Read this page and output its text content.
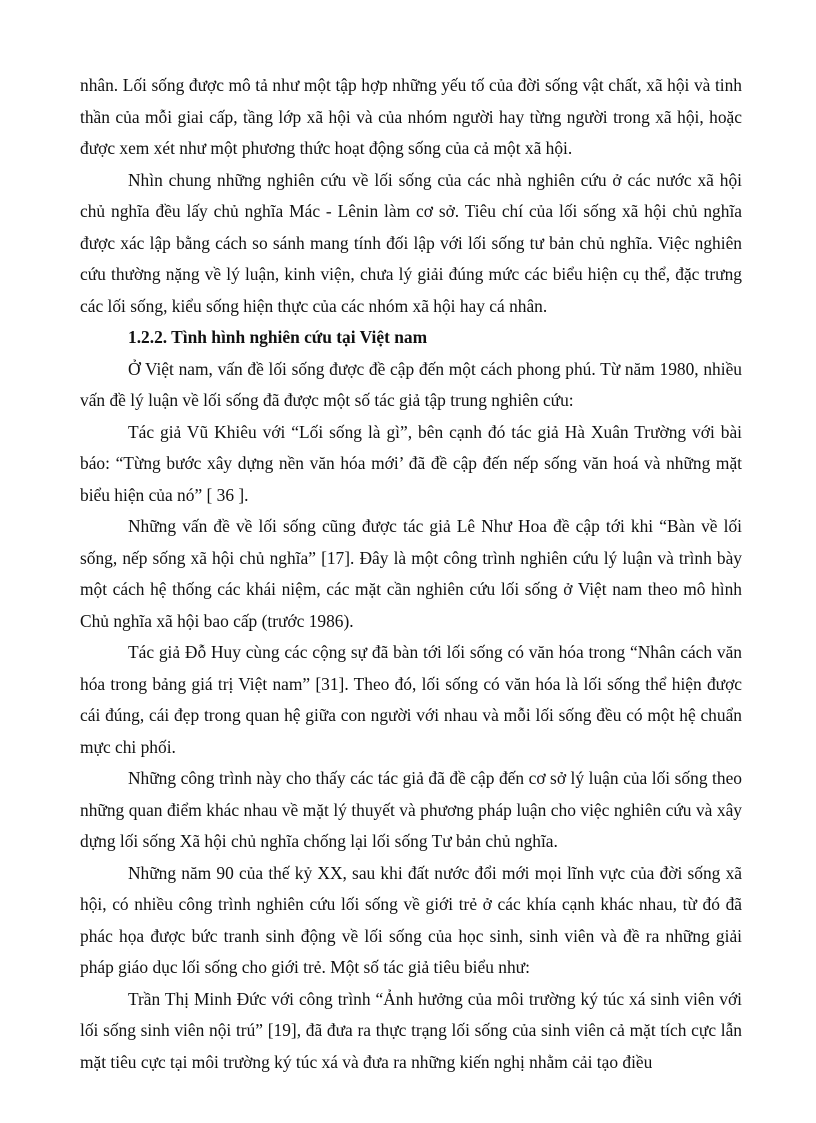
nhân. Lối sống được mô tả như một tập hợp những yếu tố của đời sống vật chất, xã hội và tinh thần của mỗi giai cấp, tầng lớp xã hội và của nhóm người hay từng người trong xã hội, hoặc được xem xét như một phương thức hoạt động sống của cả một xã hội.

Nhìn chung những nghiên cứu về lối sống của các nhà nghiên cứu ở các nước xã hội chủ nghĩa đều lấy chủ nghĩa Mác - Lênin làm cơ sở. Tiêu chí của lối sống xã hội chủ nghĩa được xác lập bằng cách so sánh mang tính đối lập với lối sống tư bản chủ nghĩa. Việc nghiên cứu thường nặng về lý luận, kinh viện, chưa lý giải đúng mức các biểu hiện cụ thể, đặc trưng các lối sống, kiểu sống hiện thực của các nhóm xã hội hay cá nhân.

1.2.2. Tình hình nghiên cứu tại Việt nam

Ở Việt nam, vấn đề lối sống được đề cập đến một cách phong phú. Từ năm 1980, nhiều vấn đề lý luận về lối sống đã được một số tác giả tập trung nghiên cứu:

Tác giả Vũ Khiêu với “Lối sống là gì”, bên cạnh đó tác giả Hà Xuân Trường với bài báo: “Từng bước xây dựng nền văn hóa mới’ đã đề cập đến nếp sống văn hoá và những mặt biểu hiện của nó” [ 36 ].

Những vấn đề về lối sống cũng được tác giả Lê Như Hoa đề cập tới khi “Bàn về lối sống, nếp sống xã hội chủ nghĩa” [17]. Đây là một công trình nghiên cứu lý luận và trình bày một cách hệ thống các khái niệm, các mặt cần nghiên cứu lối sống ở Việt nam theo mô hình Chủ nghĩa xã hội bao cấp (trước 1986).

Tác giả Đỗ Huy cùng các cộng sự đã bàn tới lối sống có văn hóa trong “Nhân cách văn hóa trong bảng giá trị Việt nam” [31]. Theo đó, lối sống có văn hóa là lối sống thể hiện được cái đúng, cái đẹp trong quan hệ giữa con người với nhau và mỗi lối sống đều có một hệ chuẩn mực chi phối.

Những công trình này cho thấy các tác giả đã đề cập đến cơ sở lý luận của lối sống theo những quan điểm khác nhau về mặt lý thuyết và phương pháp luận cho việc nghiên cứu và xây dựng lối sống Xã hội chủ nghĩa chống lại lối sống Tư bản chủ nghĩa.

Những năm 90 của thế kỷ XX, sau khi đất nước đổi mới mọi lĩnh vực của đời sống xã hội, có nhiều công trình nghiên cứu lối sống về giới trẻ ở các khía cạnh khác nhau, từ đó đã phác họa được bức tranh sinh động về lối sống của học sinh, sinh viên và đề ra những giải pháp giáo dục lối sống cho giới trẻ. Một số tác giả tiêu biểu như:

Trần Thị Minh Đức với công trình “Ảnh hưởng của môi trường ký túc xá sinh viên với lối sống sinh viên nội trú” [19], đã đưa ra thực trạng lối sống của sinh viên cả mặt tích cực lẫn mặt tiêu cực tại môi trường ký túc xá và đưa ra những kiến nghị nhằm cải tạo điều
